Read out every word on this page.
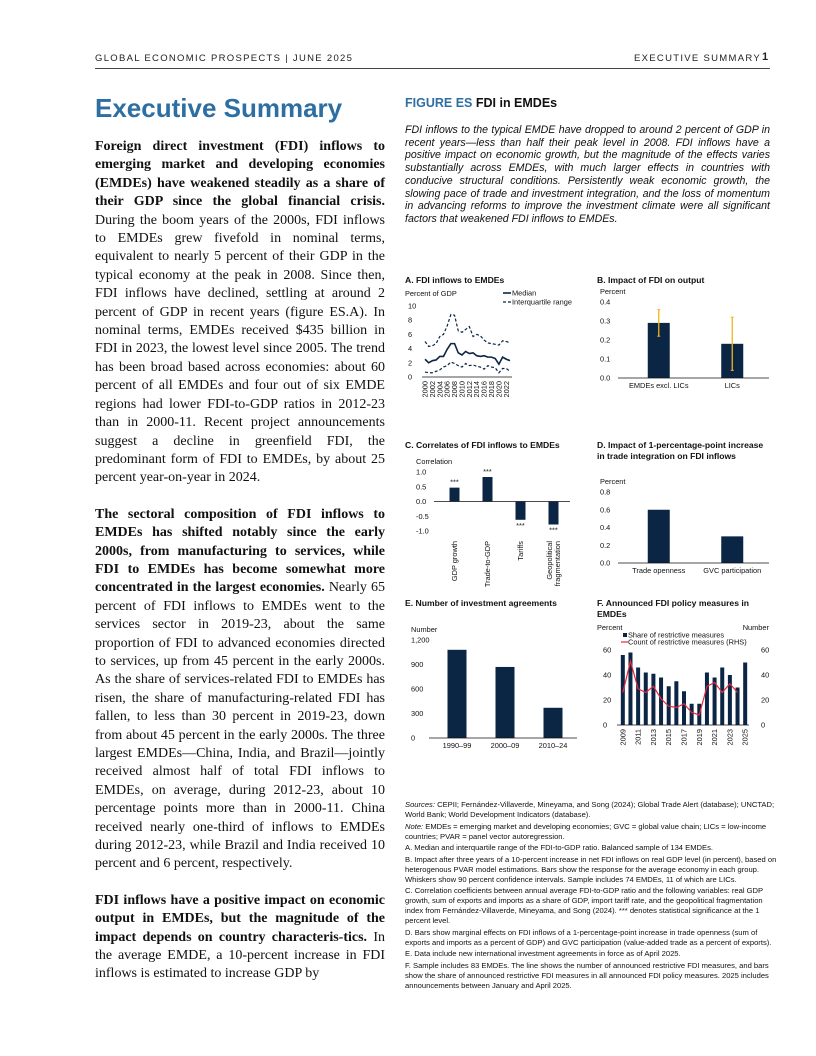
GLOBAL ECONOMIC PROSPECTS | JUNE 2025	EXECUTIVE SUMMARY 1
Executive Summary

Foreign direct investment (FDI) inflows to emerging market and developing economies (EMDEs) have weakened steadily as a share of their GDP since the global financial crisis. During the boom years of the 2000s, FDI inflows to EMDEs grew fivefold in nominal terms, equivalent to nearly 5 percent of their GDP in the typical economy at the peak in 2008. Since then, FDI inflows have declined, settling at around 2 percent of GDP in recent years (figure ES.A). In nominal terms, EMDEs received $435 billion in FDI in 2023, the lowest level since 2005. The trend has been broad based across economies: about 60 percent of all EMDEs and four out of six EMDE regions had lower FDI-to-GDP ratios in 2012-23 than in 2000-11. Recent project announcements suggest a decline in greenfield FDI, the predominant form of FDI to EMDEs, by about 25 percent year-on-year in 2024.

The sectoral composition of FDI inflows to EMDEs has shifted notably since the early 2000s, from manufacturing to services, while FDI to EMDEs has become somewhat more concentrated in the largest economies. Nearly 65 percent of FDI inflows to EMDEs went to the services sector in 2019-23, about the same proportion of FDI to advanced economies directed to services, up from 45 percent in the early 2000s. As the share of services-related FDI to EMDEs has risen, the share of manufacturing-related FDI has fallen, to less than 30 percent in 2019-23, down from about 45 percent in the early 2000s. The three largest EMDEs—China, India, and Brazil—jointly received almost half of total FDI inflows to EMDEs, on average, during 2012-23, about 10 percentage points more than in 2000-11. China received nearly one-third of inflows to EMDEs during 2012-23, while Brazil and India received 10 percent and 6 percent, respectively.

FDI inflows have a positive impact on economic output in EMDEs, but the magnitude of the impact depends on country characteris-tics. In the average EMDE, a 10-percent increase in FDI inflows is estimated to increase GDP by

FIGURE ES FDI in EMDEs
FDI inflows to the typical EMDE have dropped to around 2 percent of GDP in recent years—less than half their peak level in 2008. FDI inflows have a positive impact on economic growth, but the magnitude of the effects varies substantially across EMDEs, with much larger effects in countries with conducive structural conditions. Persistently weak economic growth, the slowing pace of trade and investment integration, and the loss of momentum in advancing reforms to improve the investment climate were all significant factors that weakened FDI inflows to EMDEs.
A. FDI inflows to EMDEs	B. Impact of FDI on output
C. Correlates of FDI inflows to EMDEs	D. Impact of 1-percentage-point increase in trade integration on FDI inflows
E. Number of investment agreements	F. Announced FDI policy measures in EMDEs
Percent of GDP
0
2
4
6
8
10
2000
2002
2004
2006
2008
2010
2012
2014
2016
2018
2020
2022
Median
Interquartile range
Percent
0.0
0.1
0.2
0.3
0.4
EMDEs excl. LICs	LICs
Correlation
-1.0
-0.5
0.0
0.5
1.0
***
GDP growth
***
Trade-to-GDP
***
Tariffs
***
Geopolitical fragmentation
Percent
0.0
0.2
0.4
0.6
0.8
Trade openness GVC participation
Number
0
300
600
900
1,200
1990–99	2000–09	2010–24
Percent	Number
0
20
40
60
0
20
40
60
2009 2011 2013 2015 2017 2019 2021 2023 2025
Share of restrictive measures
Count of restrictive measures (RHS)

Sources: CEPII; Fernández-Villaverde, Mineyama, and Song (2024); Global Trade Alert (database); UNCTAD; World Bank; World Development Indicators (database).

Note: EMDEs = emerging market and developing economies; GVC = global value chain; LICs = low-income countries; PVAR = panel vector autoregression.

A. Median and interquartile range of the FDI-to-GDP ratio. Balanced sample of 134 EMDEs.

B. Impact after three years of a 10-percent increase in net FDI inflows on real GDP level (in percent), based on heterogenous PVAR model estimations. Bars show the response for the average economy in each group. Whiskers show 90 percent confidence intervals. Sample includes 74 EMDEs, 11 of which are LICs.

C. Correlation coefficients between annual average FDI-to-GDP ratio and the following variables: real GDP growth, sum of exports and imports as a share of GDP, import tariff rate, and the geopolitical fragmentation index from Fernández-Villaverde, Mineyama, and Song (2024). *** denotes statistical significance at the 1 percent level.

D. Bars show marginal effects on FDI inflows of a 1-percentage-point increase in trade openness (sum of exports and imports as a percent of GDP) and GVC participation (value-added trade as a percent of exports).

E. Data include new international investment agreements in force as of April 2025.

F. Sample includes 83 EMDEs. The line shows the number of announced restrictive FDI measures, and bars show the share of announced restrictive FDI measures in all announced FDI policy measures. 2025 includes announcements between January and April 2025.
